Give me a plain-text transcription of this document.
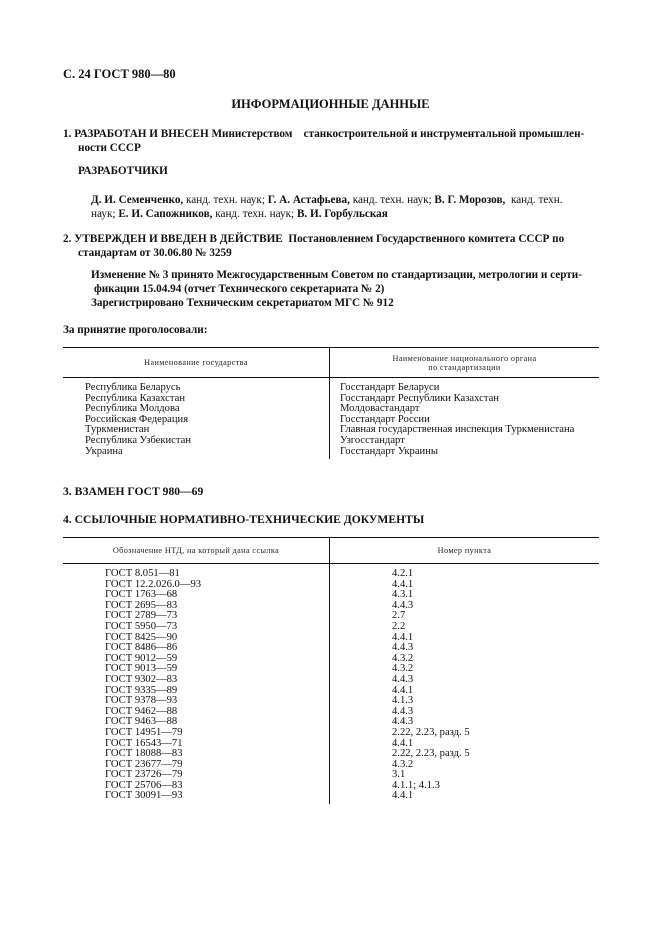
С. 24 ГОСТ 980—80
ИНФОРМАЦИОННЫЕ ДАННЫЕ
1. РАЗРАБОТАН И ВНЕСЕН Министерством станкостроительной и инструментальной промышлен-
ности СССР
РАЗРАБОТЧИКИ
Д. И. Семенченко, канд. техн. наук; Г. А. Астафьева, канд. техн. наук; В. Г. Морозов, канд. техн.
наук; Е. И. Сапожников, канд. техн. наук; В. И. Горбульская
2. УТВЕРЖДЕН И ВВЕДЕН В ДЕЙСТВИЕ Постановлением Государственного комитета СССР по
стандартам от 30.06.80 № 3259
Изменение № 3 принято Межгосударственным Советом по стандартизации, метрологии и серти-
фикации 15.04.94 (отчет Технического секретариата № 2)
Зарегистрировано Техническим секретариатом МГС № 912
За принятие проголосовали:
Наименование государства	Наименование национального органа
по стандартизации
Республика Беларусь	Госстандарт Беларуси
Республика Казахстан	Госстандарт Республики Казахстан
Республика Молдова	Молдовастандарт
Российская Федерация	Госстандарт России
Туркменистан	Главная государственная инспекция Туркменистана
Республика Узбекистан	Узгосстандарт
Украина	Госстандарт Украины
3. ВЗАМЕН ГОСТ 980—69
4. ССЫЛОЧНЫЕ НОРМАТИВНО-ТЕХНИЧЕСКИЕ ДОКУМЕНТЫ
Обозначение НТД, на который дана ссылка	Номер пункта
ГОСТ 8.051—81	4.2.1
ГОСТ 12.2.026.0—93	4.4.1
ГОСТ 1763—68	4.3.1
ГОСТ 2695—83	4.4.3
ГОСТ 2789—73	2.7
ГОСТ 5950—73	2.2
ГОСТ 8425—90	4.4.1
ГОСТ 8486—86	4.4.3
ГОСТ 9012—59	4.3.2
ГОСТ 9013—59	4.3.2
ГОСТ 9302—83	4.4.3
ГОСТ 9335—89	4.4.1
ГОСТ 9378—93	4.1.3
ГОСТ 9462—88	4.4.3
ГОСТ 9463—88	4.4.3
ГОСТ 14951—79	2.22, 2.23, разд. 5
ГОСТ 16543—71	4.4.1
ГОСТ 18088—83	2.22, 2.23, разд. 5
ГОСТ 23677—79	4.3.2
ГОСТ 23726—79	3.1
ГОСТ 25706—83	4.1.1; 4.1.3
ГОСТ 30091—93	4.4.1
